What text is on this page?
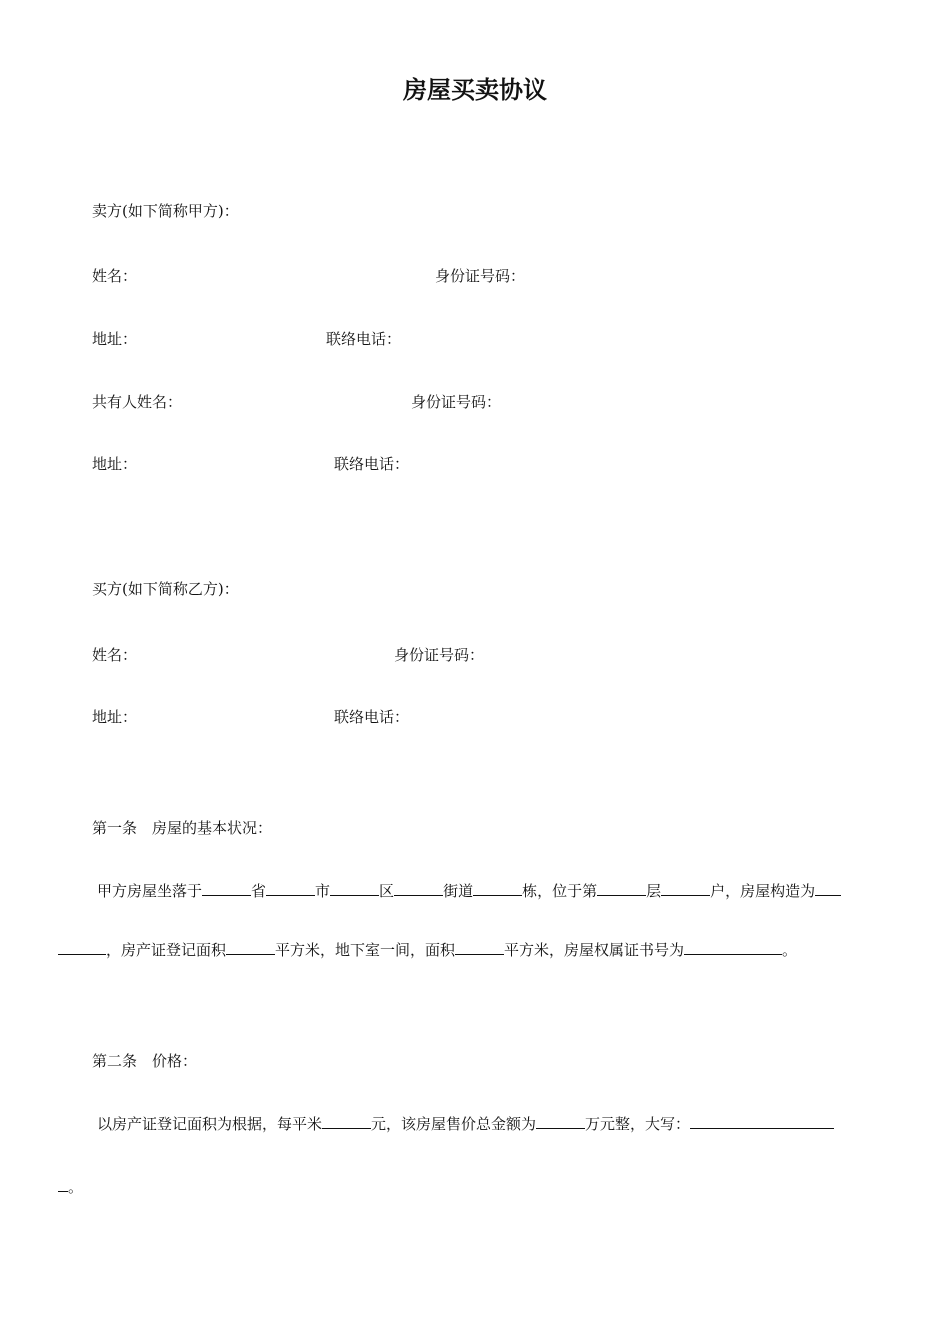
房屋买卖协议
卖方(如下简称甲方)：
姓名：	身份证号码：
地址：	联络电话：
共有人姓名：	身份证号码：
地址：	联络电话：
买方(如下简称乙方)：
姓名：	身份证号码：
地址：	联络电话：
第一条　房屋的基本状况：
甲方房屋坐落于	省	市	区	街道	栋，位于第	层	户，房屋构造为
，房产证登记面积	平方米，地下室一间，面积	平方米，房屋权属证书号为	。
第二条　价格：
以房产证登记面积为根据，每平米	元，该房屋售价总金额为	万元整，大写：
。
